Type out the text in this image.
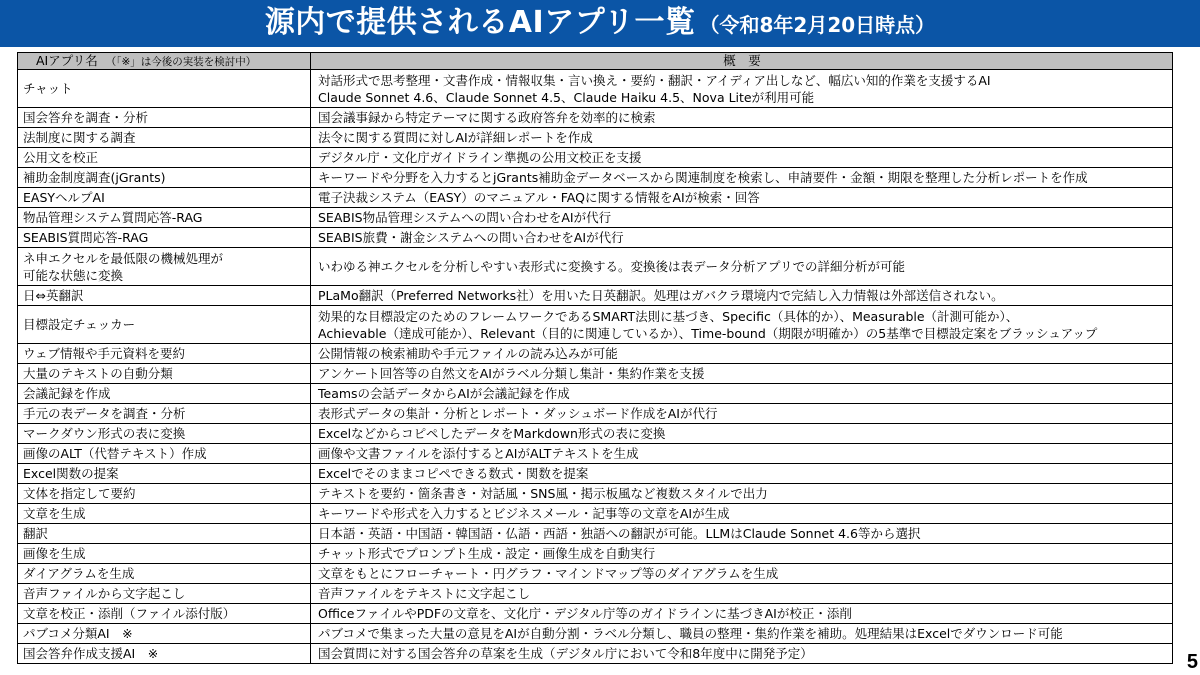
源内で提供されるAIアプリ一覧 （令和8年2月20日時点）
AIアプリ名 （「※」は今後の実装を検討中）	概　要

チャット	対話形式で思考整理・文書作成・情報収集・言い換え・要約・翻訳・アイディア出しなど、幅広い知的作業を支援するAI
Claude Sonnet 4.6、Claude Sonnet 4.5、Claude Haiku 4.5、Nova Liteが利用可能

国会答弁を調査・分析	国会議事録から特定テーマに関する政府答弁を効率的に検索

法制度に関する調査	法令に関する質問に対しAIが詳細レポートを作成

公用文を校正	デジタル庁・文化庁ガイドライン準拠の公用文校正を支援

補助金制度調査(jGrants)	キーワードや分野を入力するとjGrants補助金データベースから関連制度を検索し、申請要件・金額・期限を整理した分析レポートを作成

EASYヘルプAI	電子決裁システム（EASY）のマニュアル・FAQに関する情報をAIが検索・回答

物品管理システム質問応答-RAG	SEABIS物品管理システムへの問い合わせをAIが代行

SEABIS質問応答-RAG	SEABIS旅費・謝金システムへの問い合わせをAIが代行

ネ申エクセルを最低限の機械処理が
可能な状態に変換	いわゆる神エクセルを分析しやすい表形式に変換する。変換後は表データ分析アプリでの詳細分析が可能

日⇔英翻訳	PLaMo翻訳（Preferred Networks社）を用いた日英翻訳。処理はガバクラ環境内で完結し入力情報は外部送信されない。

目標設定チェッカー	効果的な目標設定のためのフレームワークであるSMART法則に基づき、Specific（具体的か）、Measurable（計測可能か）、
Achievable（達成可能か）、Relevant（目的に関連しているか）、Time-bound（期限が明確か）の5基準で目標設定案をブラッシュアップ

ウェブ情報や手元資料を要約	公開情報の検索補助や手元ファイルの読み込みが可能

大量のテキストの自動分類	アンケート回答等の自然文をAIがラベル分類し集計・集約作業を支援

会議記録を作成	Teamsの会話データからAIが会議記録を作成

手元の表データを調査・分析	表形式データの集計・分析とレポート・ダッシュボード作成をAIが代行

マークダウン形式の表に変換	ExcelなどからコピペしたデータをMarkdown形式の表に変換

画像のALT（代替テキスト）作成	画像や文書ファイルを添付するとAIがALTテキストを生成

Excel関数の提案	Excelでそのままコピペできる数式・関数を提案

文体を指定して要約	テキストを要約・箇条書き・対話風・SNS風・掲示板風など複数スタイルで出力

文章を生成	キーワードや形式を入力するとビジネスメール・記事等の文章をAIが生成

翻訳	日本語・英語・中国語・韓国語・仏語・西語・独語への翻訳が可能。LLMはClaude Sonnet 4.6等から選択

画像を生成	チャット形式でプロンプト生成・設定・画像生成を自動実行

ダイアグラムを生成	文章をもとにフローチャート・円グラフ・マインドマップ等のダイアグラムを生成

音声ファイルから文字起こし	音声ファイルをテキストに文字起こし

文章を校正・添削（ファイル添付版）	OfficeファイルやPDFの文章を、文化庁・デジタル庁等のガイドラインに基づきAIが校正・添削

パブコメ分類AI　※	パブコメで集まった大量の意見をAIが自動分割・ラベル分類し、職員の整理・集約作業を補助。処理結果はExcelでダウンロード可能

国会答弁作成支援AI　※	国会質問に対する国会答弁の草案を生成（デジタル庁において令和8年度中に開発予定）	5
